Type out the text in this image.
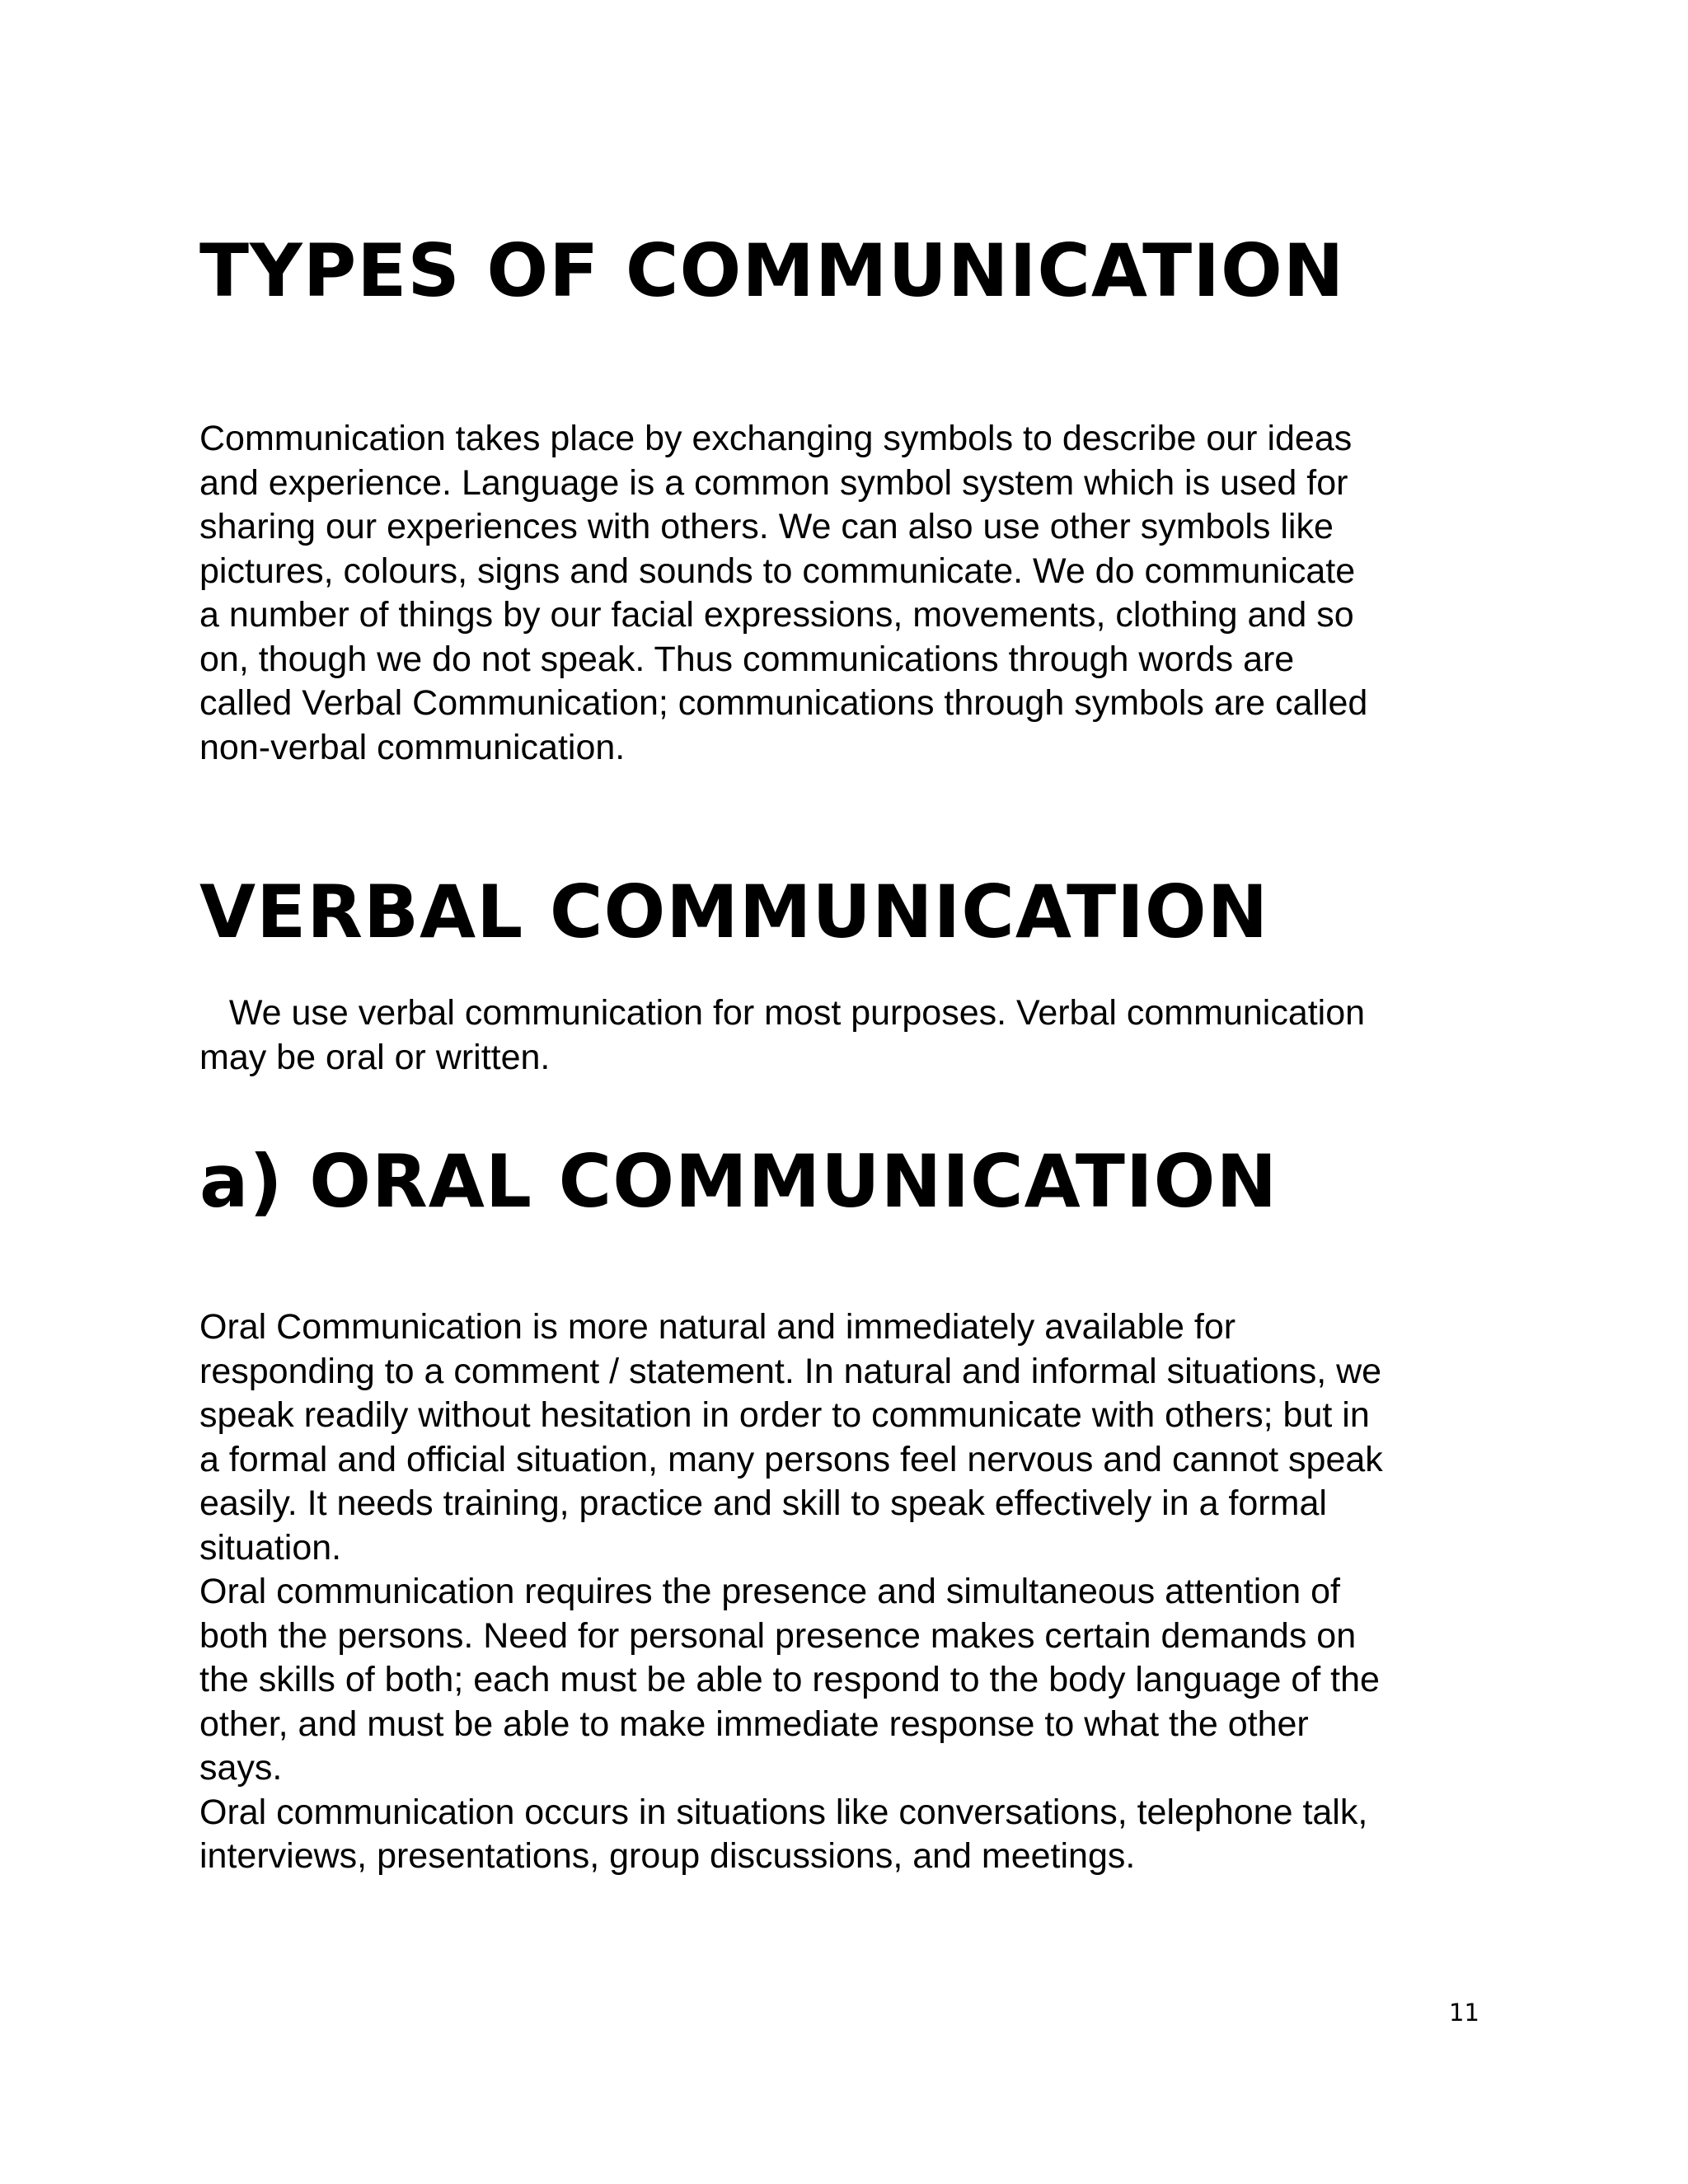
TYPES OF COMMUNICATION
Communication takes place by exchanging symbols to describe our ideas
and experience. Language is a common symbol system which is used for
sharing our experiences with others. We can also use other symbols like
pictures, colours, signs and sounds to communicate. We do communicate
a number of things by our facial expressions, movements, clothing and so
on, though we do not speak. Thus communications through words are
called Verbal Communication; communications through symbols are called
non-verbal communication.
VERBAL COMMUNICATION
We use verbal communication for most purposes. Verbal communication
may be oral or written.
a) ORAL COMMUNICATION
Oral Communication is more natural and immediately available for
responding to a comment / statement. In natural and informal situations, we
speak readily without hesitation in order to communicate with others; but in
a formal and official situation, many persons feel nervous and cannot speak
easily. It needs training, practice and skill to speak effectively in a formal
situation.
Oral communication requires the presence and simultaneous attention of
both the persons. Need for personal presence makes certain demands on
the skills of both; each must be able to respond to the body language of the
other, and must be able to make immediate response to what the other
says.
Oral communication occurs in situations like conversations, telephone talk,
interviews, presentations, group discussions, and meetings.

11
